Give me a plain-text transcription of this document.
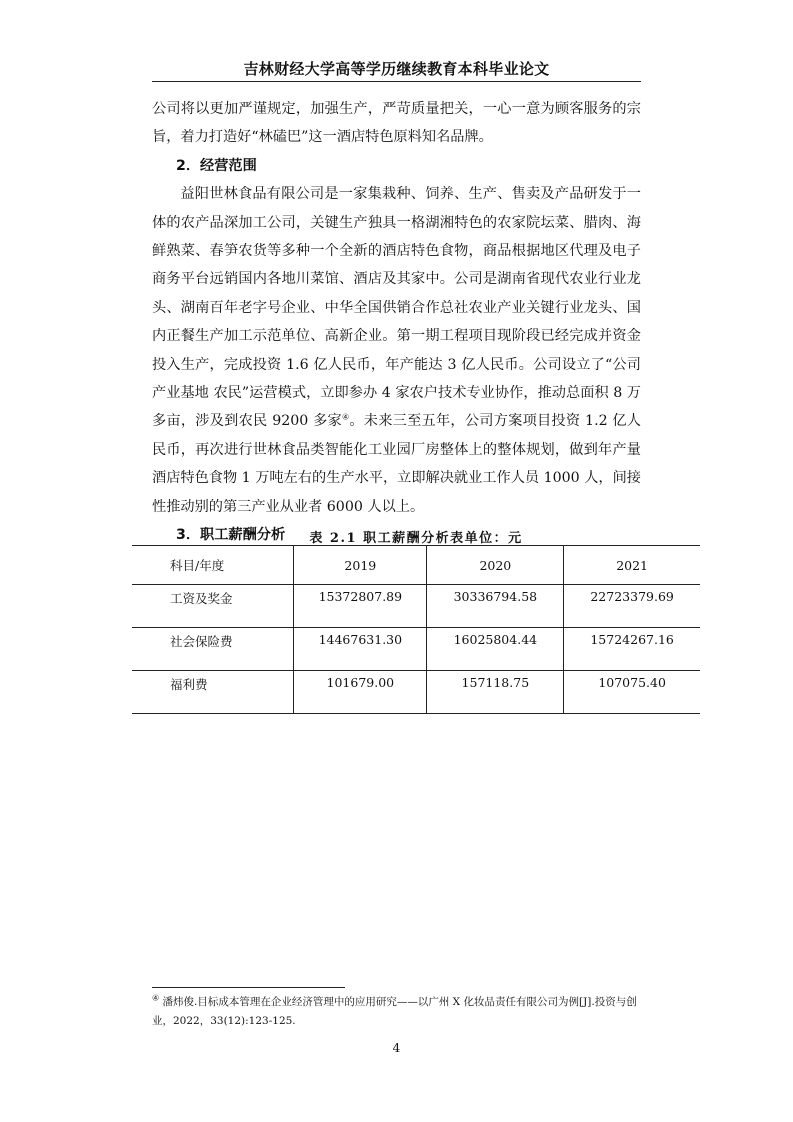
吉林财经大学高等学历继续教育本科毕业论文

公司将以更加严谨规定，加强生产，严苛质量把关，一心一意为顾客服务的宗旨，着力打造好“林磕巴”这一酒店特色原料知名品牌。

2．经营范围

益阳世林食品有限公司是一家集栽种、饲养、生产、售卖及产品研发于一体的农产品深加工公司，关键生产独具一格湖湘特色的农家院坛菜、腊肉、海鲜熟菜、春笋农货等多种一个全新的酒店特色食物，商品根据地区代理及电子商务平台远销国内各地川菜馆、酒店及其家中。公司是湖南省现代农业行业龙头、湖南百年老字号企业、中华全国供销合作总社农业产业关键行业龙头、国内正餐生产加工示范单位、高新企业。第一期工程项目现阶段已经完成并资金投入生产，完成投资 1.6 亿人民币，年产能达 3 亿人民币。公司设立了“公司 产业基地 农民”运营模式，立即参办 4 家农户技术专业协作，推动总面积 8 万多亩，涉及到农民 9200 多家④。未来三至五年，公司方案项目投资 1.2 亿人民币，再次进行世林食品类智能化工业园厂房整体上的整体规划，做到年产量酒店特色食物 1 万吨左右的生产水平，立即解决就业工作人员 1000 人，间接性推动别的第三产业从业者 6000 人以上。

3．职工薪酬分析	表 2.1 职工薪酬分析表单位：元
科目/年度	2019	2020	2021
工资及奖金	15372807.89	30336794.58	22723379.69
社会保险费	14467631.30	16025804.44	15724267.16
福利费	101679.00	157118.75	107075.40
④ 潘炜俊.目标成本管理在企业经济管理中的应用研究——以广州 X 化妆品责任有限公司为例[J].投资与创业，2022，33(12):123-125.
4
